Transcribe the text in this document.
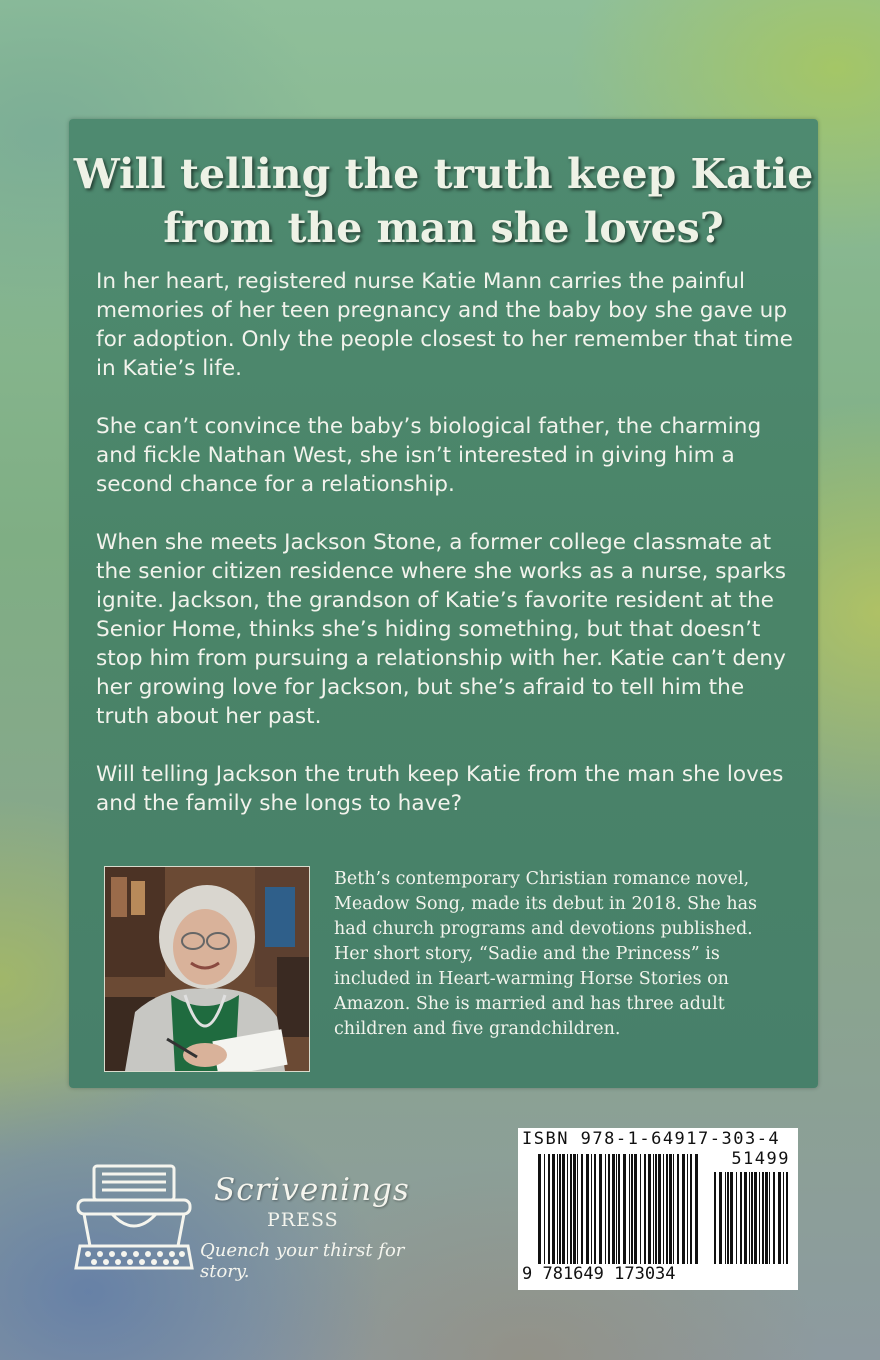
Will telling the truth keep Katie from the man she loves?

In her heart, registered nurse Katie Mann carries the painful memories of her teen pregnancy and the baby boy she gave up for adoption. Only the people closest to her remember that time in Katie’s life.

She can’t convince the baby’s biological father, the charming and fickle Nathan West, she isn’t interested in giving him a second chance for a relationship.

When she meets Jackson Stone, a former college classmate at the senior citizen residence where she works as a nurse, sparks ignite. Jackson, the grandson of Katie’s favorite resident at the Senior Home, thinks she’s hiding something, but that doesn’t stop him from pursuing a relationship with her. Katie can’t deny her growing love for Jackson, but she’s afraid to tell him the truth about her past.

Will telling Jackson the truth keep Katie from the man she loves and the family she longs to have?

Beth’s contemporary Christian romance novel, Meadow Song, made its debut in 2018. She has had church programs and devotions published. Her short story, “Sadie and the Princess” is included in Heart-warming Horse Stories on Amazon. She is married and has three adult children and five grandchildren.

Scrivenings

PRESS

Quench your thirst for story.

ISBN 978-1-64917-303-4

51499

9 781649 173034
